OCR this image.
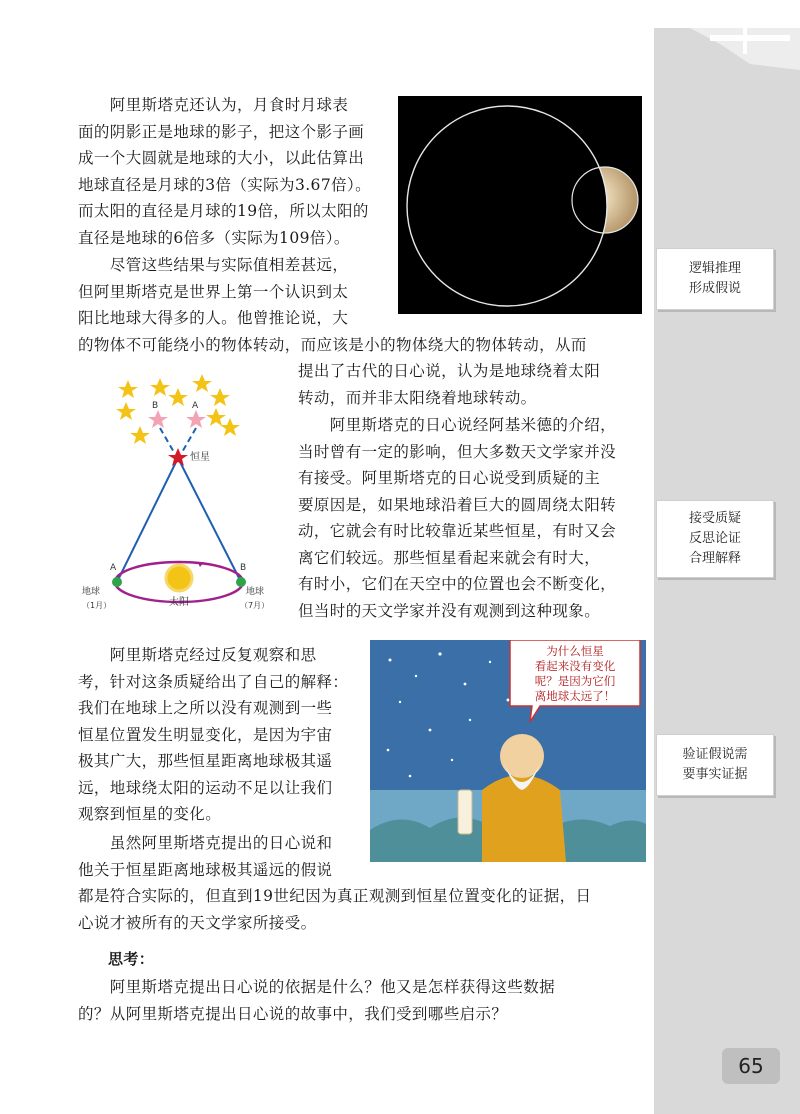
逻辑推理
形成假说
接受质疑
反思论证
合理解释
验证假说需
要事实证据
　　阿里斯塔克还认为，月食时月球表
面的阴影正是地球的影子，把这个影子画
成一个大圆就是地球的大小，以此估算出
地球直径是月球的3倍（实际为3.67倍）。
而太阳的直径是月球的19倍，所以太阳的
直径是地球的6倍多（实际为109倍）。
　　尽管这些结果与实际值相差甚远，
但阿里斯塔克是世界上第一个认识到太
阳比地球大得多的人。他曾推论说，大
的物体不可能绕小的物体转动，而应该是小的物体绕大的物体转动，从而
提出了古代的日心说，认为是地球绕着太阳
转动，而并非太阳绕着地球转动。
　　阿里斯塔克的日心说经阿基米德的介绍，
当时曾有一定的影响，但大多数天文学家并没
有接受。阿里斯塔克的日心说受到质疑的主
要原因是，如果地球沿着巨大的圆周绕太阳转
动，它就会有时比较靠近某些恒星，有时又会
离它们较远。那些恒星看起来就会有时大，
有时小，它们在天空中的位置也会不断变化，
但当时的天文学家并没有观测到这种现象。
　　阿里斯塔克经过反复观察和思
考，针对这条质疑给出了自己的解释：
我们在地球上之所以没有观测到一些
恒星位置发生明显变化，是因为宇宙
极其广大，那些恒星距离地球极其遥
远，地球绕太阳的运动不足以让我们
观察到恒星的变化。
　　虽然阿里斯塔克提出的日心说和
他关于恒星距离地球极其遥远的假说
都是符合实际的，但直到19世纪因为真正观测到恒星位置变化的证据，日
心说才被所有的天文学家所接受。
思考：
　　阿里斯塔克提出日心说的依据是什么？他又是怎样获得这些数据
的？从阿里斯塔克提出日心说的故事中，我们受到哪些启示？
B	A
恒星
太阳
A	B
地球
（1月）
地球
（7月）
为什么恒星
看起来没有变化
呢？是因为它们
离地球太远了！
65
